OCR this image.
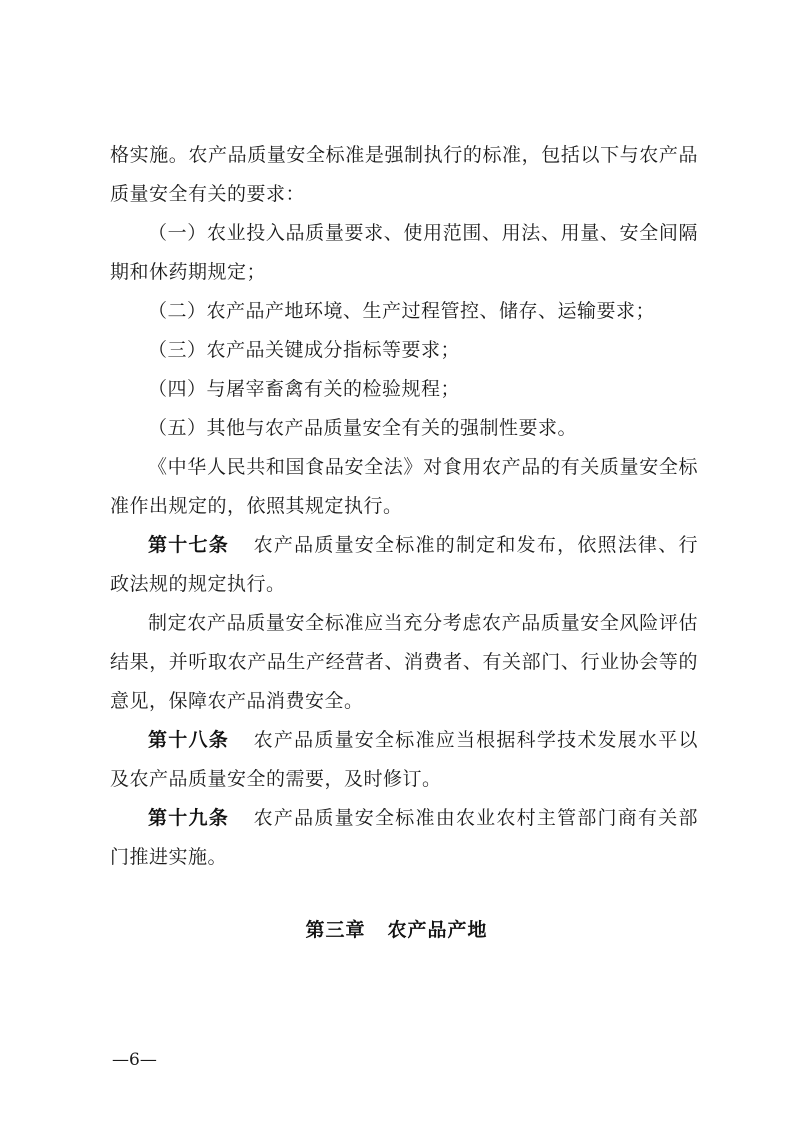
格实施。农产品质量安全标准是强制执行的标准，包括以下与农产品质量安全有关的要求：

（一）农业投入品质量要求、使用范围、用法、用量、安全间隔期和休药期规定；

（二）农产品产地环境、生产过程管控、储存、运输要求；

（三）农产品关键成分指标等要求；

（四）与屠宰畜禽有关的检验规程；

（五）其他与农产品质量安全有关的强制性要求。

《中华人民共和国食品安全法》对食用农产品的有关质量安全标准作出规定的，依照其规定执行。

第十七条 农产品质量安全标准的制定和发布，依照法律、行政法规的规定执行。

制定农产品质量安全标准应当充分考虑农产品质量安全风险评估结果，并听取农产品生产经营者、消费者、有关部门、行业协会等的意见，保障农产品消费安全。

第十八条 农产品质量安全标准应当根据科学技术发展水平以及农产品质量安全的需要，及时修订。

第十九条 农产品质量安全标准由农业农村主管部门商有关部门推进实施。

第三章 农产品产地
—6—
